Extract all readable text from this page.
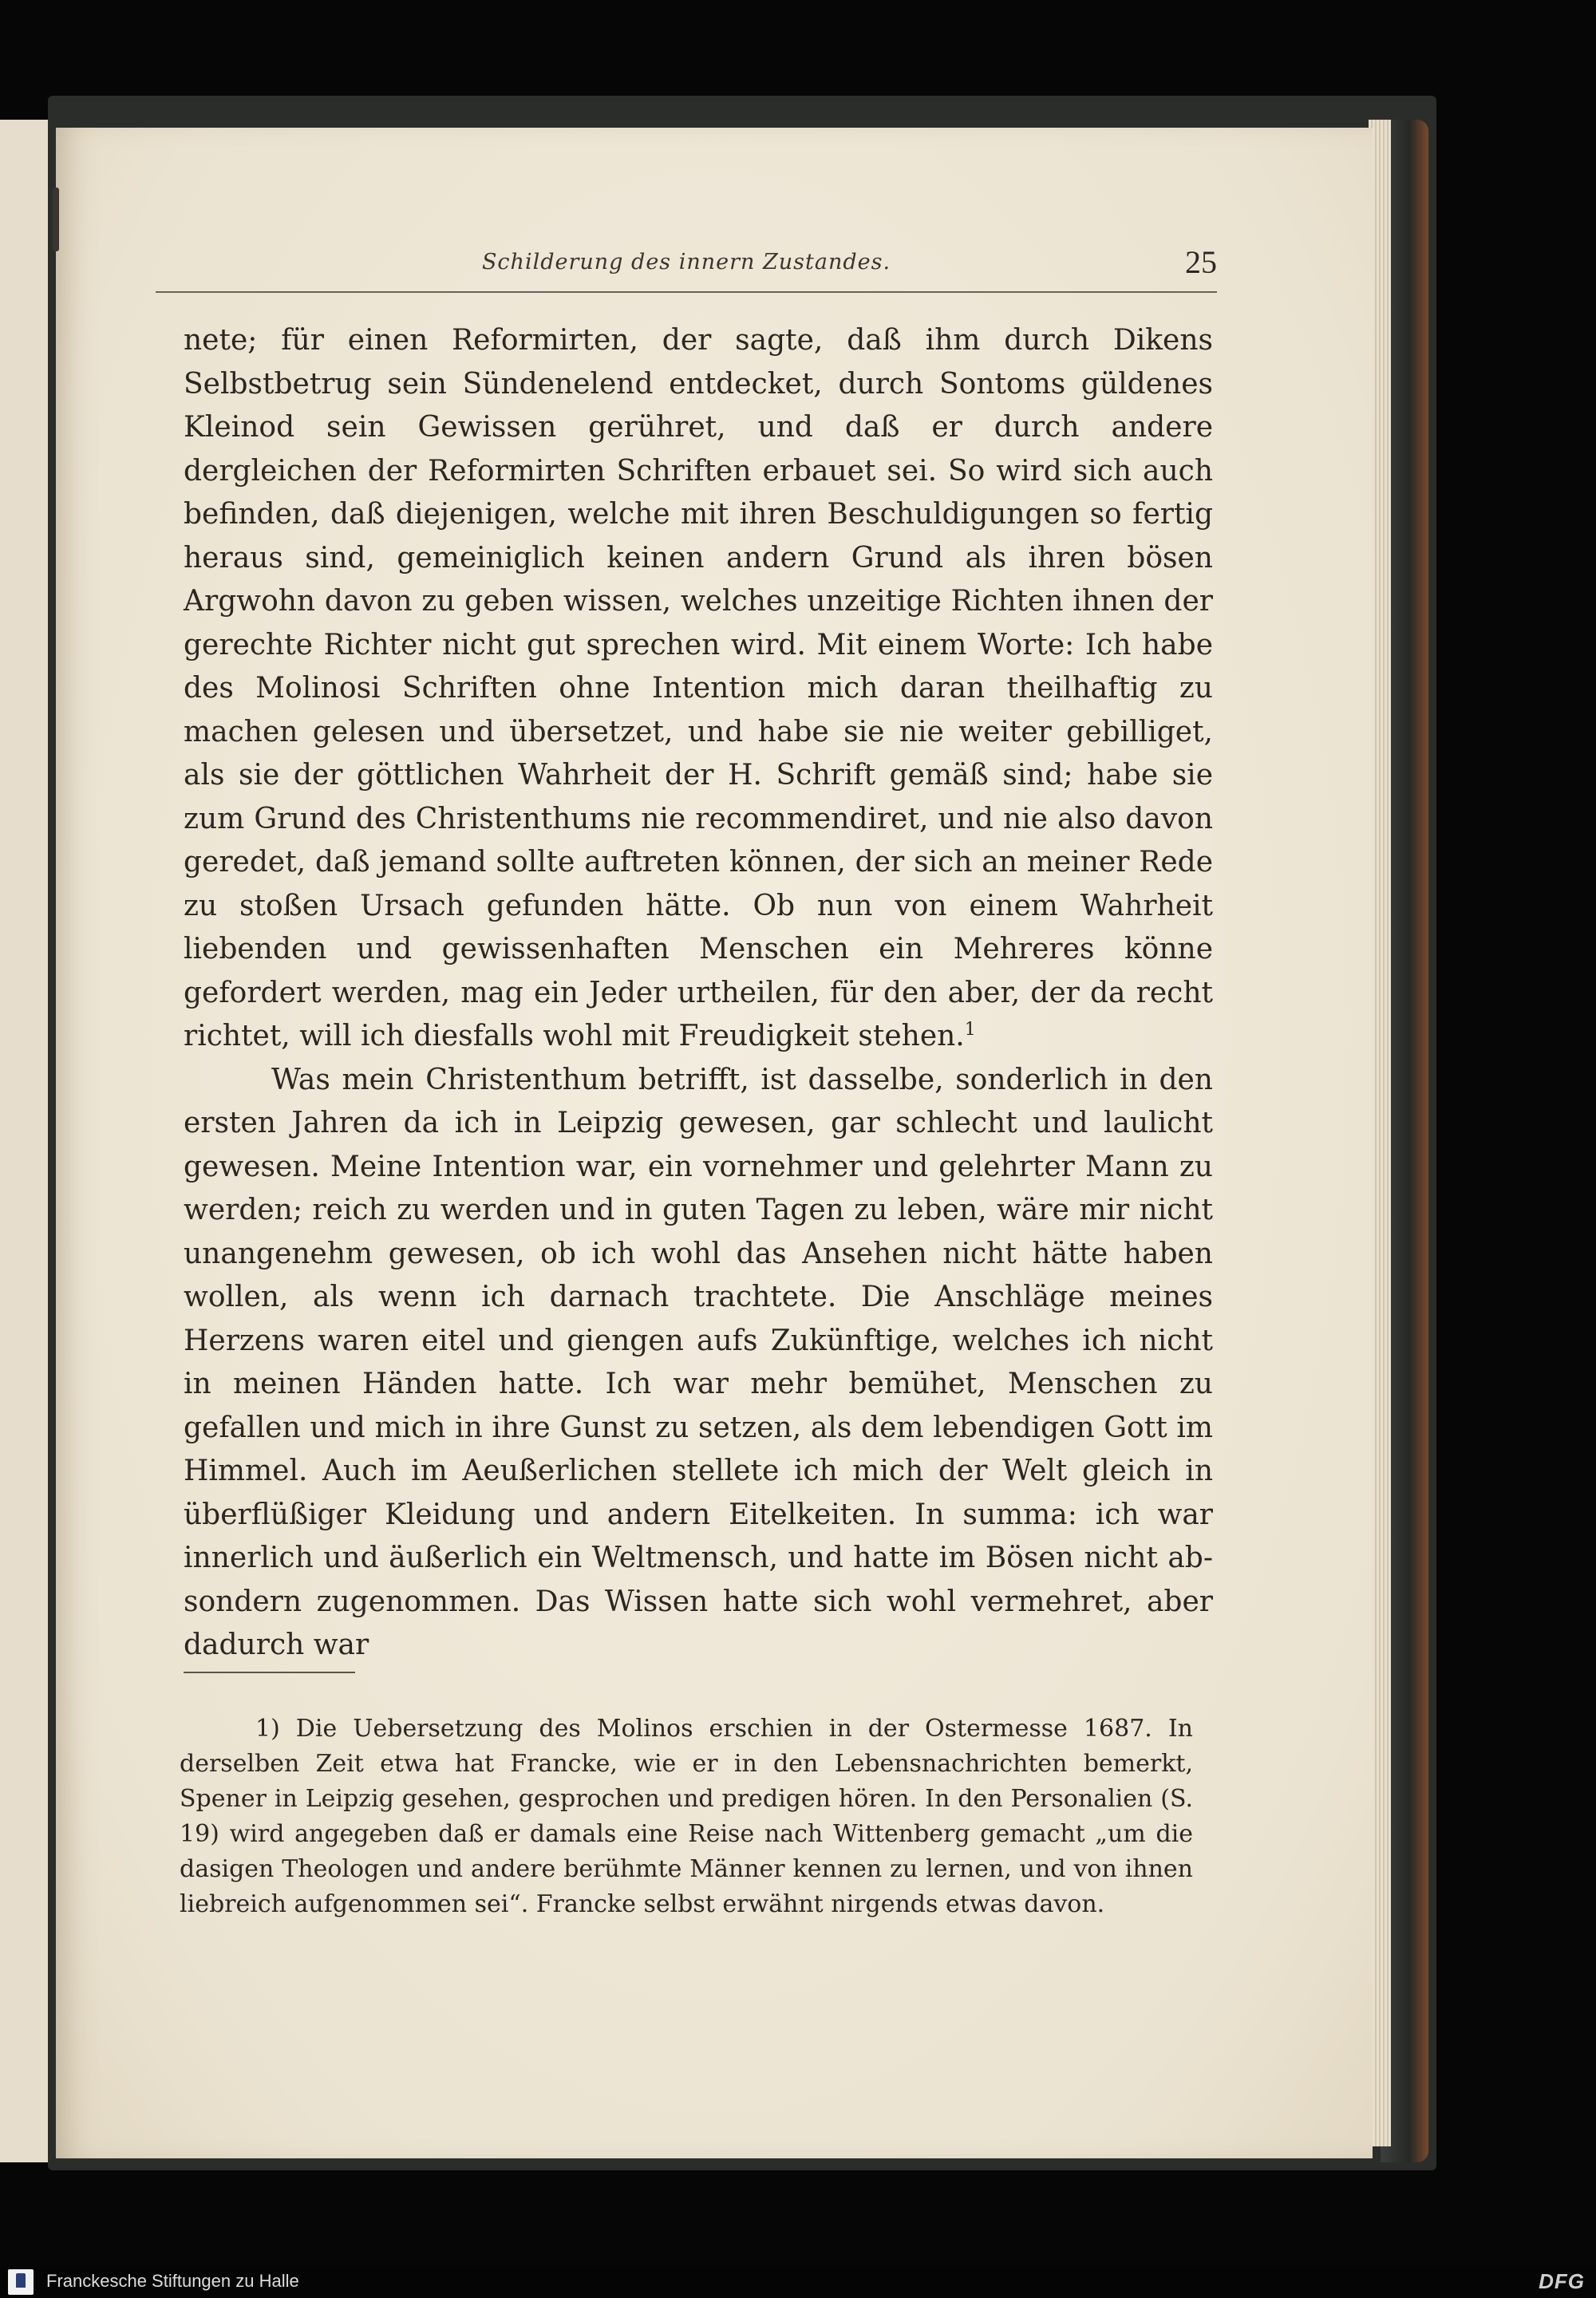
Schilderung des innern Zustandes.	25

nete; für einen Reformirten, der sagte, daß ihm durch Dikens Selbstbetrug sein Sündenelend entdecket, durch Sontoms güldenes Kleinod sein Gewissen gerühret, und daß er durch andere dergleichen der Reformirten Schriften erbauet sei. So wird sich auch befinden, daß diejenigen, welche mit ihren Beschuldigungen so fertig heraus sind, gemeiniglich keinen andern Grund als ihren bösen Argwohn davon zu geben wissen, welches unzeitige Richten ihnen der gerechte Richter nicht gut sprechen wird. Mit einem Worte: Ich habe des Molinosi Schriften ohne Intention mich daran theilhaftig zu machen gelesen und übersetzet, und habe sie nie weiter gebilliget, als sie der göttlichen Wahrheit der H. Schrift gemäß sind; habe sie zum Grund des Christenthums nie recommendiret, und nie also davon geredet, daß jemand sollte auftreten können, der sich an meiner Rede zu stoßen Ursach gefunden hätte. Ob nun von einem Wahrheit liebenden und gewissenhaften Menschen ein Mehreres könne gefordert werden, mag ein Jeder urtheilen, für den aber, der da recht richtet, will ich diesfalls wohl mit Freudigkeit stehen.$^1$

Was mein Christenthum betrifft, ist dasselbe, sonderlich in den ersten Jahren da ich in Leipzig gewesen, gar schlecht und laulicht gewesen. Meine Intention war, ein vornehmer und gelehrter Mann zu werden; reich zu werden und in guten Tagen zu leben, wäre mir nicht unangenehm gewesen, ob ich wohl das Ansehen nicht hätte haben wollen, als wenn ich darnach trachtete. Die Anschläge meines Herzens waren eitel und giengen aufs Zukünftige, welches ich nicht in meinen Händen hatte. Ich war mehr bemühet, Menschen zu gefallen und mich in ihre Gunst zu setzen, als dem lebendigen Gott im Himmel. Auch im Aeußerlichen stellete ich mich der Welt gleich in überflüßiger Kleidung und andern Eitelkeiten. In summa: ich war innerlich und äußerlich ein Weltmensch, und hatte im Bösen nicht ab- sondern zugenommen. Das Wissen hatte sich wohl vermehret, aber dadurch war

1) Die Uebersetzung des Molinos erschien in der Ostermesse 1687. In derselben Zeit etwa hat Francke, wie er in den Lebensnachrichten bemerkt, Spener in Leipzig gesehen, gesprochen und predigen hören. In den Personalien (S. 19) wird angegeben daß er damals eine Reise nach Wittenberg gemacht „um die dasigen Theologen und andere berühmte Männer kennen zu lernen, und von ihnen liebreich aufgenommen sei“. Francke selbst erwähnt nirgends etwas davon.
Franckesche Stiftungen zu Halle	DFG
